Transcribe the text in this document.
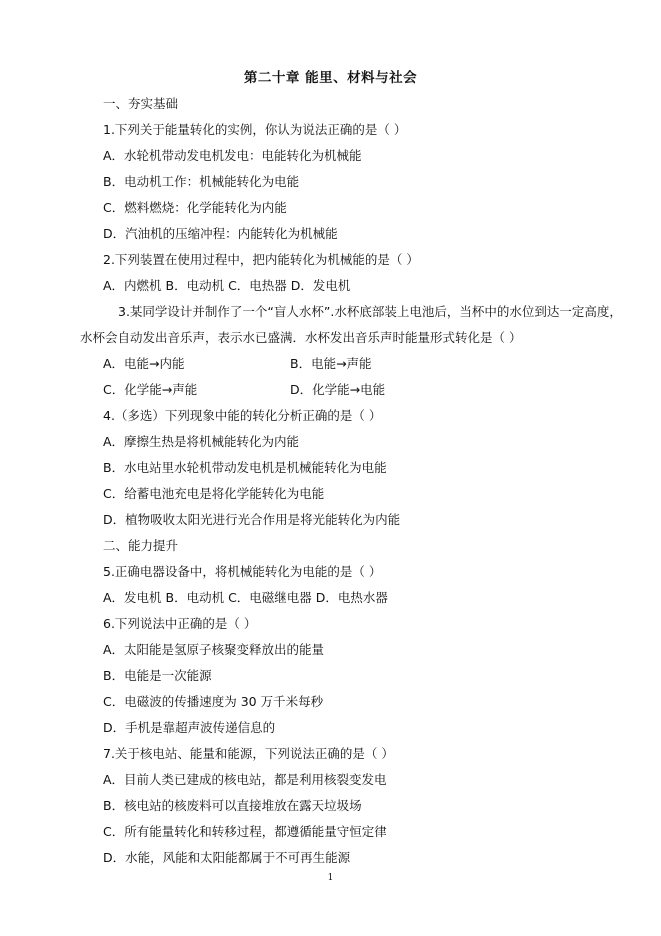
第二十章 能里、材料与社会
一、夯实基础
1.下列关于能量转化的实例，你认为说法正确的是（ ）
A．水轮机带动发电机发电：电能转化为机械能
B．电动机工作：机械能转化为电能
C．燃料燃烧：化学能转化为内能
D．汽油机的压缩冲程：内能转化为机械能
2.下列装置在使用过程中，把内能转化为机械能的是（ ）
A．内燃机 B．电动机 C．电热器 D．发电机
3.某同学设计并制作了一个“盲人水杯”.水杯底部装上电池后，当杯中的水位到达一定高度，
水杯会自动发出音乐声，表示水已盛满．水杯发出音乐声时能量形式转化是（ ）
A．电能→内能	B．电能→声能
C．化学能→声能	D．化学能→电能
4.（多选）下列现象中能的转化分析正确的是（ ）
A．摩擦生热是将机械能转化为内能
B．水电站里水轮机带动发电机是机械能转化为电能
C．给蓄电池充电是将化学能转化为电能
D．植物吸收太阳光进行光合作用是将光能转化为内能
二、能力提升
5.正确电器设备中，将机械能转化为电能的是（ ）
A．发电机 B．电动机 C．电磁继电器 D．电热水器
6.下列说法中正确的是（ ）
A．太阳能是氢原子核聚变释放出的能量
B．电能是一次能源
C．电磁波的传播速度为 30 万千米每秒
D．手机是靠超声波传递信息的
7.关于核电站、能量和能源，下列说法正确的是（ ）
A．目前人类已建成的核电站，都是利用核裂变发电
B．核电站的核废料可以直接堆放在露天垃圾场
C．所有能量转化和转移过程，都遵循能量守恒定律
D．水能，风能和太阳能都属于不可再生能源
1
